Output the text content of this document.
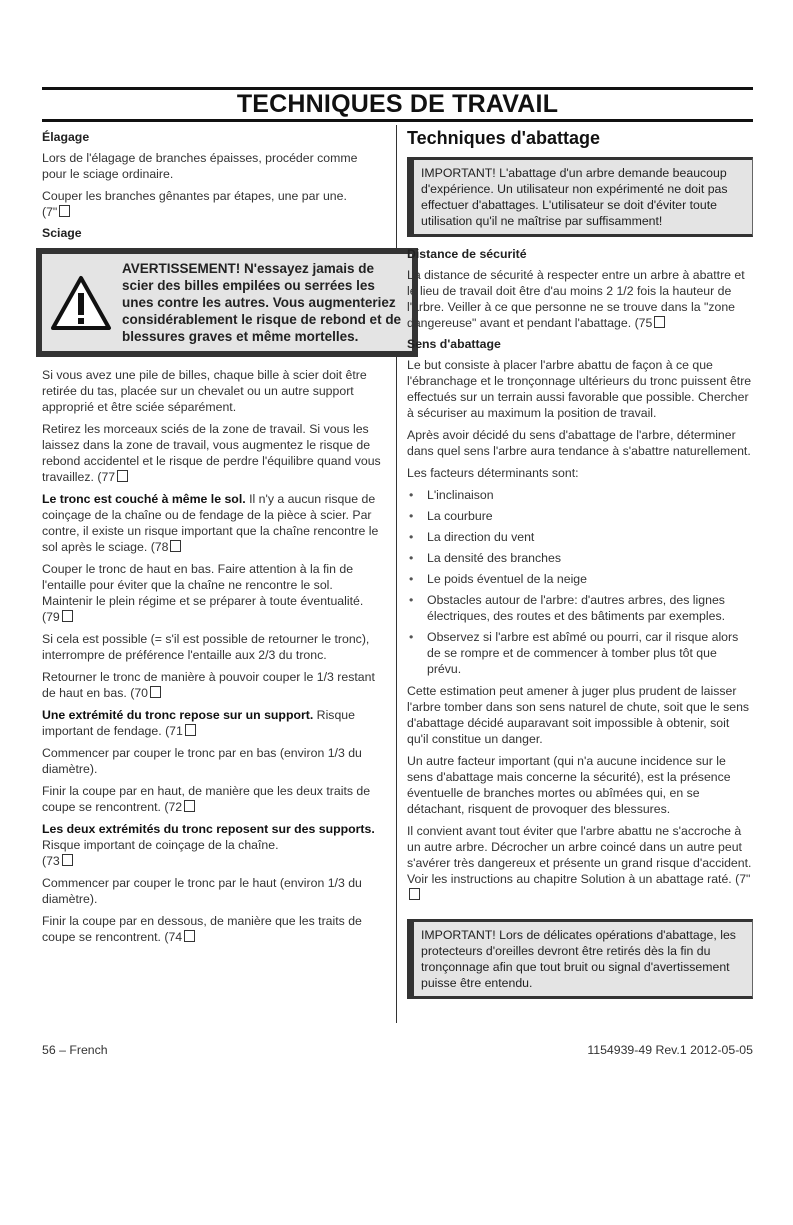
TECHNIQUES DE TRAVAIL
Élagage

Lors de l'élagage de branches épaisses, procéder comme pour le sciage ordinaire.

Couper les branches gênantes par étapes, une par une.
(7"

Sciage
AVERTISSEMENT! N'essayez jamais de scier des billes empilées ou serrées les unes contre les autres. Vous augmenteriez considérablement le risque de rebond et de blessures graves et même mortelles.

Si vous avez une pile de billes, chaque bille à scier doit être retirée du tas, placée sur un chevalet ou un autre support approprié et être sciée séparément.

Retirez les morceaux sciés de la zone de travail. Si vous les laissez dans la zone de travail, vous augmentez le risque de rebond accidentel et le risque de perdre l'équilibre quand vous travaillez. (77

Le tronc est couché à même le sol. Il n'y a aucun risque de coinçage de la chaîne ou de fendage de la pièce à scier. Par contre, il existe un risque important que la chaîne rencontre le sol après le sciage. (78

Couper le tronc de haut en bas. Faire attention à la fin de l'entaille pour éviter que la chaîne ne rencontre le sol. Maintenir le plein régime et se préparer à toute éventualité. (79

Si cela est possible (= s'il est possible de retourner le tronc), interrompre de préférence l'entaille aux 2/3 du tronc.

Retourner le tronc de manière à pouvoir couper le 1/3 restant de haut en bas. (70

Une extrémité du tronc repose sur un support. Risque important de fendage. (71

Commencer par couper le tronc par en bas (environ 1/3 du diamètre).

Finir la coupe par en haut, de manière que les deux traits de coupe se rencontrent. (72

Les deux extrémités du tronc reposent sur des supports. Risque important de coinçage de la chaîne.
(73

Commencer par couper le tronc par le haut (environ 1/3 du diamètre).

Finir la coupe par en dessous, de manière que les traits de coupe se rencontrent. (74

Techniques d'abattage
IMPORTANT! L'abattage d'un arbre demande beaucoup d'expérience. Un utilisateur non expérimenté ne doit pas effectuer d'abattages. L'utilisateur se doit d'éviter toute utilisation qu'il ne maîtrise par suffisamment!
Distance de sécurité

La distance de sécurité à respecter entre un arbre à abattre et le lieu de travail doit être d'au moins 2 1/2 fois la hauteur de l'arbre. Veiller à ce que personne ne se trouve dans la "zone dangereuse" avant et pendant l'abattage. (75

Sens d'abattage

Le but consiste à placer l'arbre abattu de façon à ce que l'ébranchage et le tronçonnage ultérieurs du tronc puissent être effectués sur un terrain aussi favorable que possible. Chercher à sécuriser au maximum la position de travail.

Après avoir décidé du sens d'abattage de l'arbre, déterminer dans quel sens l'arbre aura tendance à s'abattre naturellement.

Les facteurs déterminants sont:

• L'inclinaison
• La courbure
• La direction du vent
• La densité des branches
• Le poids éventuel de la neige
• Obstacles autour de l'arbre: d'autres arbres, des lignes électriques, des routes et des bâtiments par exemples.
• Observez si l'arbre est abîmé ou pourri, car il risque alors de se rompre et de commencer à tomber plus tôt que prévu.

Cette estimation peut amener à juger plus prudent de laisser l'arbre tomber dans son sens naturel de chute, soit que le sens d'abattage décidé auparavant soit impossible à obtenir, soit qu'il constitue un danger.

Un autre facteur important (qui n'a aucune incidence sur le sens d'abattage mais concerne la sécurité), est la présence éventuelle de branches mortes ou abîmées qui, en se détachant, risquent de provoquer des blessures.

Il convient avant tout éviter que l'arbre abattu ne s'accroche à un autre arbre. Décrocher un arbre coincé dans un autre peut s'avérer très dangereux et présente un grand risque d'accident. Voir les instructions au chapitre Solution à un abattage raté. (7"

IMPORTANT! Lors de délicates opérations d'abattage, les protecteurs d'oreilles devront être retirés dès la fin du tronçonnage afin que tout bruit ou signal d'avertissement puisse être entendu.
56 – French	1154939-49 Rev.1 2012-05-05
